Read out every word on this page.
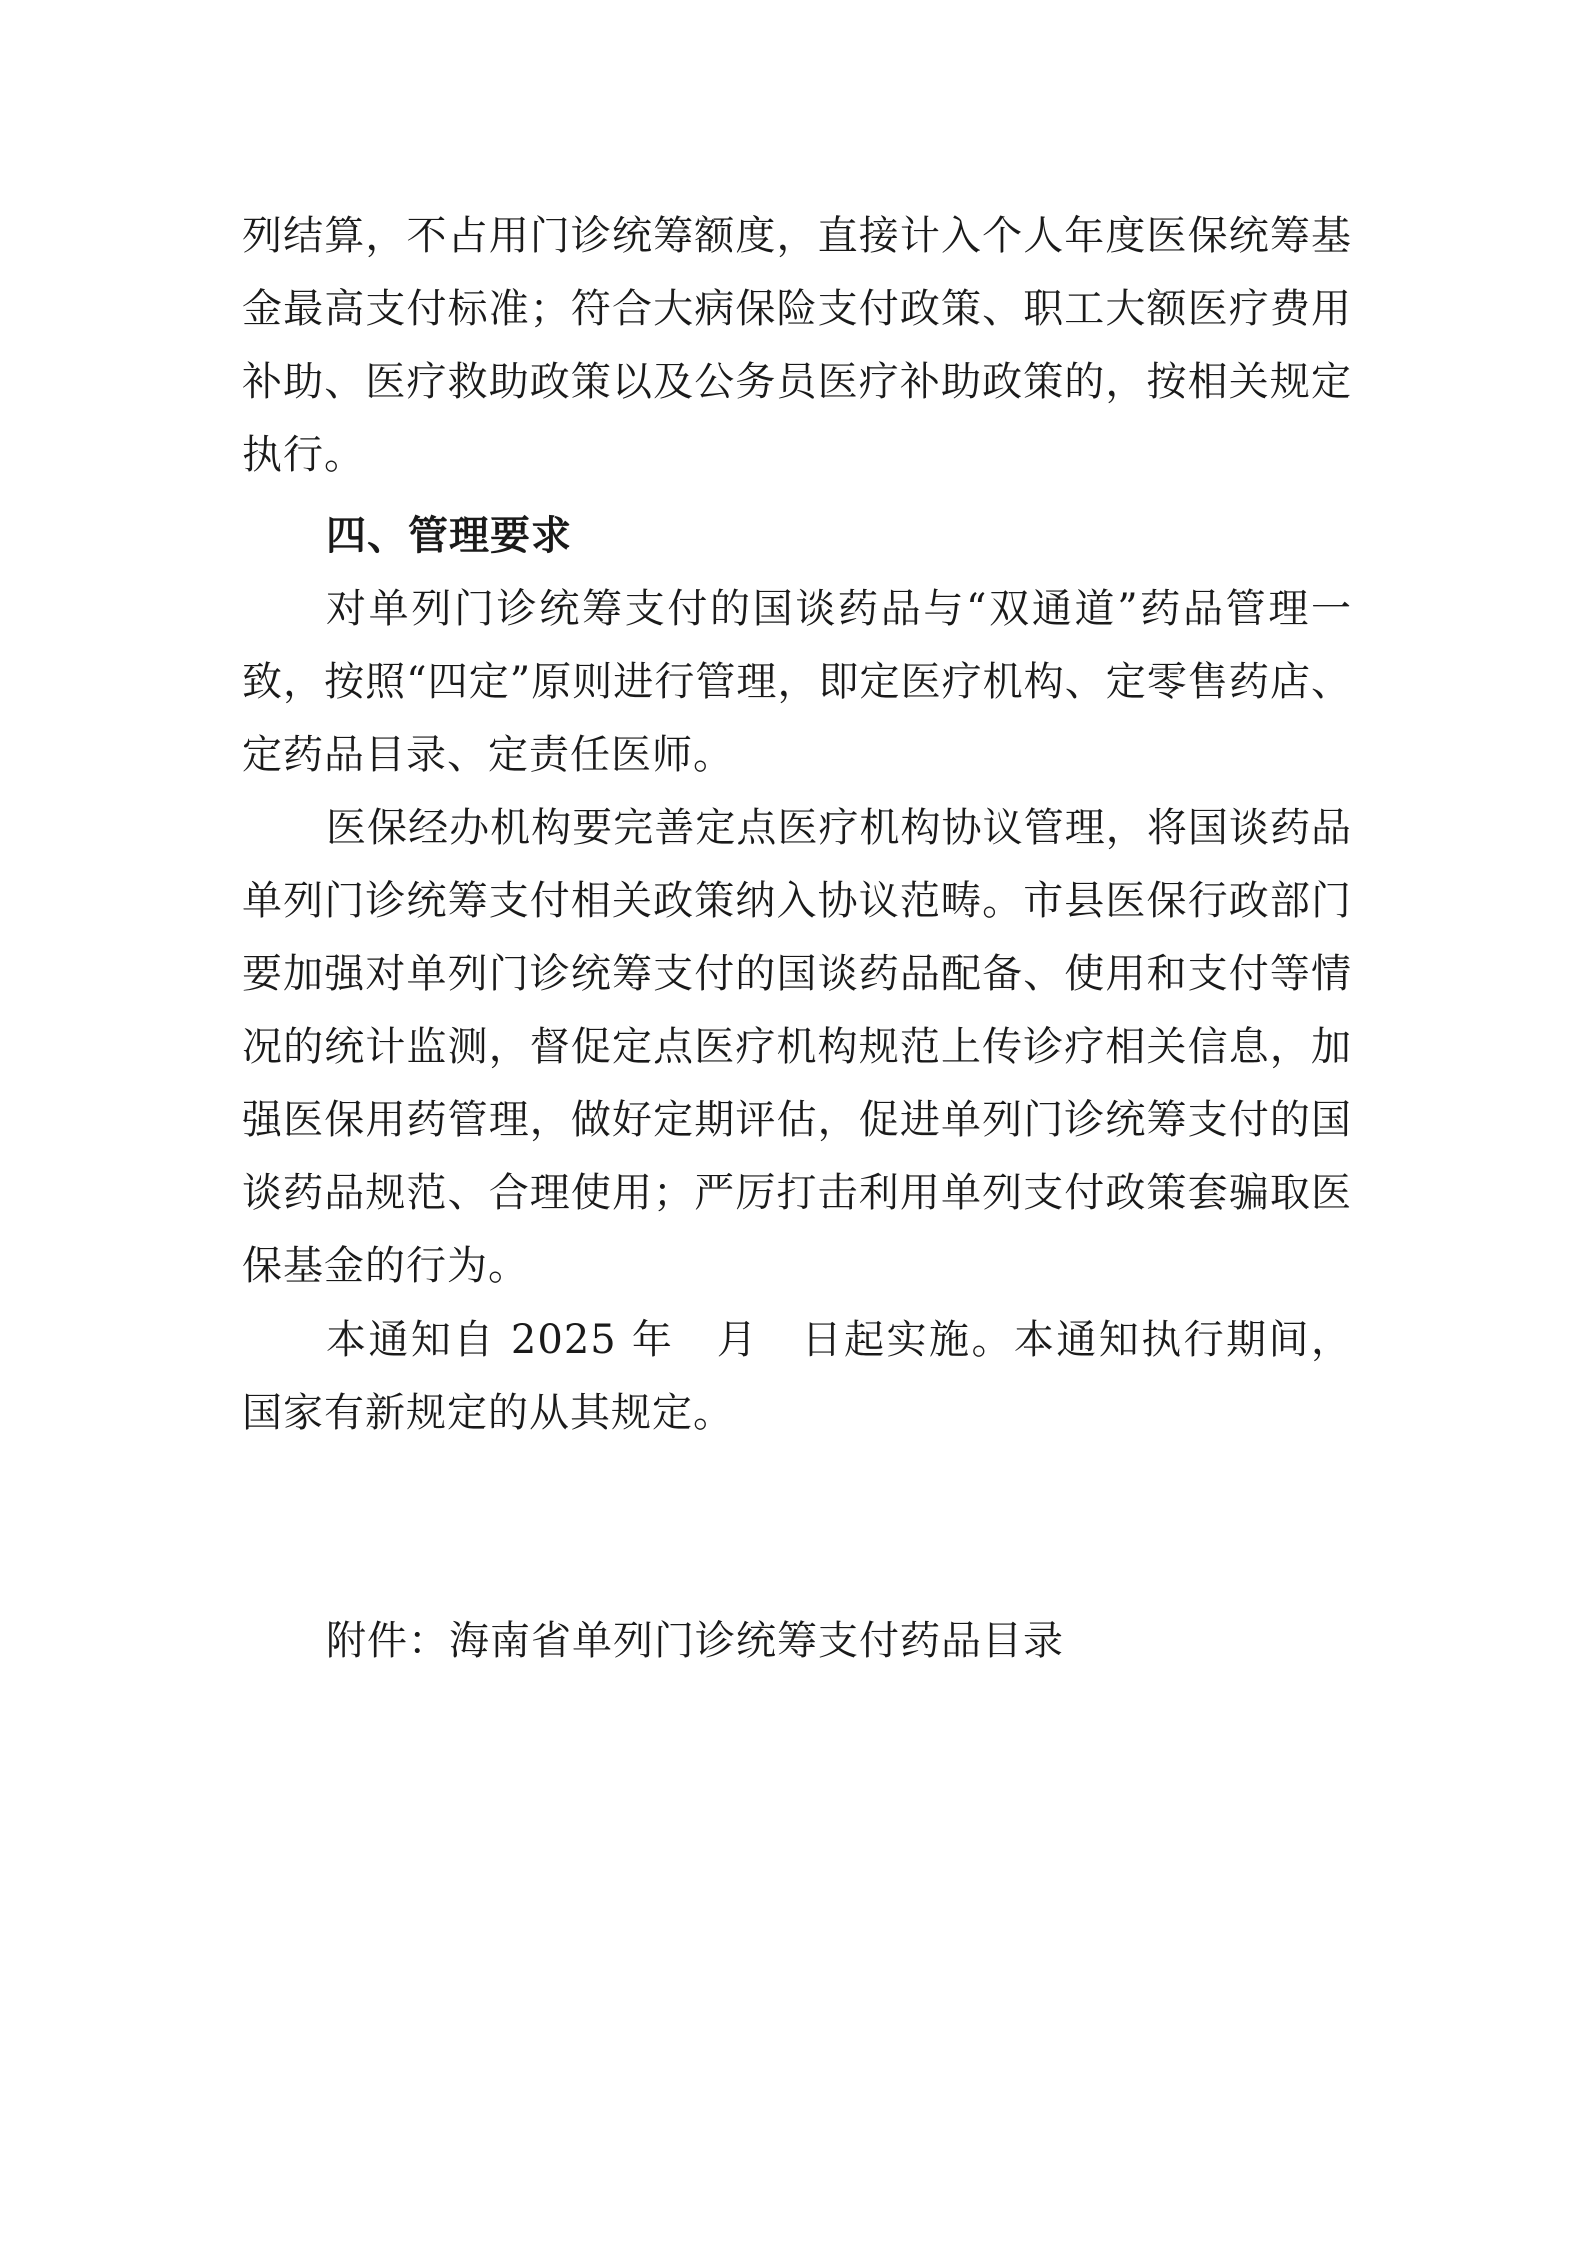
列结算，不占用门诊统筹额度，直接计入个人年度医保统筹基金最高支付标准；符合大病保险支付政策、职工大额医疗费用补助、医疗救助政策以及公务员医疗补助政策的，按相关规定执行。

四、管理要求

对单列门诊统筹支付的国谈药品与“双通道”药品管理一致，按照“四定”原则进行管理，即定医疗机构、定零售药店、定药品目录、定责任医师。

医保经办机构要完善定点医疗机构协议管理，将国谈药品单列门诊统筹支付相关政策纳入协议范畴。市县医保行政部门要加强对单列门诊统筹支付的国谈药品配备、使用和支付等情况的统计监测，督促定点医疗机构规范上传诊疗相关信息，加强医保用药管理，做好定期评估，促进单列门诊统筹支付的国谈药品规范、合理使用；严厉打击利用单列支付政策套骗取医保基金的行为。

本通知自 2025 年　月　日起实施。本通知执行期间，国家有新规定的从其规定。

附件：海南省单列门诊统筹支付药品目录
